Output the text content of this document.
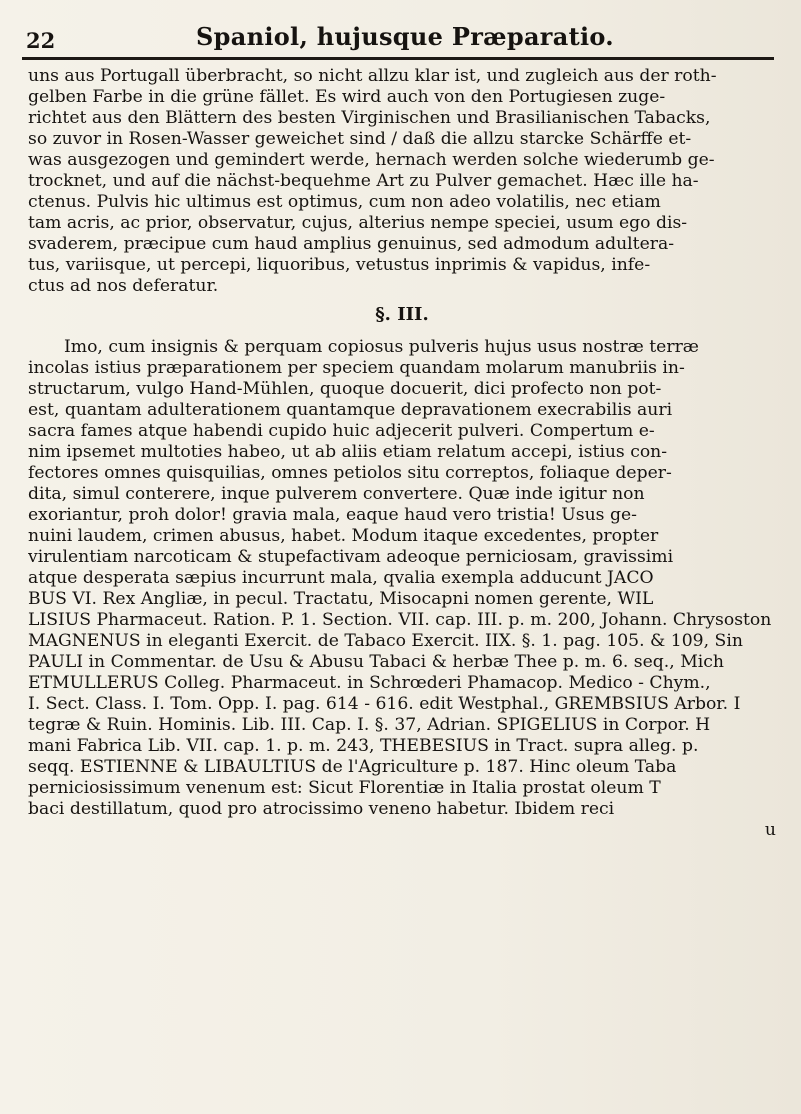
22	Spaniol, hujusque Præparatio.
uns aus Portugall überbracht, so nicht allzu klar ist, und zugleich aus der roth-
gelben Farbe in die grüne fället. Es wird auch von den Portugiesen zuge-
richtet aus den Blättern des besten Virginischen und Brasilianischen Tabacks,
so zuvor in Rosen-Wasser geweichet sind / daß die allzu starcke Schärffe et-
was ausgezogen und gemindert werde, hernach werden solche wiederumb ge-
trocknet, und auf die nächst-bequehme Art zu Pulver gemachet. Hæc ille ha-
ctenus. Pulvis hic ultimus est optimus, cum non adeo volatilis, nec etiam
tam acris, ac prior, observatur, cujus, alterius nempe speciei, usum ego dis-
svaderem, præcipue cum haud amplius genuinus, sed admodum adultera-
tus, variisque, ut percepi, liquoribus, vetustus inprimis & vapidus, infe-
ctus ad nos deferatur.
§. III.
Imo, cum insignis & perquam copiosus pulveris hujus usus nostræ terræ
incolas istius præparationem per speciem quandam molarum manubriis in-
structarum, vulgo Hand-Mühlen, quoque docuerit, dici profecto non pot-
est, quantam adulterationem quantamque depravationem execrabilis auri
sacra fames atque habendi cupido huic adjecerit pulveri. Compertum e-
nim ipsemet multoties habeo, ut ab aliis etiam relatum accepi, istius con-
fectores omnes quisquilias, omnes petiolos situ correptos, foliaque deper-
dita, simul conterere, inque pulverem convertere. Quæ inde igitur non
exoriantur, proh dolor! gravia mala, eaque haud vero tristia! Usus ge-
nuini laudem, crimen abusus, habet. Modum itaque excedentes, propter
virulentiam narcoticam & stupefactivam adeoque perniciosam, gravissimi
atque desperata sæpius incurrunt mala, qvalia exempla adducunt JACO
BUS VI. Rex Angliæ, in pecul. Tractatu, Misocapni nomen gerente, WIL
LISIUS Pharmaceut. Ration. P. 1. Section. VII. cap. III. p. m. 200, Johann. Chrysoston
MAGNENUS in eleganti Exercit. de Tabaco Exercit. IIX. §. 1. pag. 105. & 109, Sin
PAULI in Commentar. de Usu & Abusu Tabaci & herbæ Thee p. m. 6. seq., Mich
ETMULLERUS Colleg. Pharmaceut. in Schrœderi Phamacop. Medico - Chym.,
I. Sect. Class. I. Tom. Opp. I. pag. 614 - 616. edit Westphal., GREMBSIUS Arbor. I
tegræ & Ruin. Hominis. Lib. III. Cap. I. §. 37, Adrian. SPIGELIUS in Corpor. H
mani Fabrica Lib. VII. cap. 1. p. m. 243, THEBESIUS in Tract. supra alleg. p.
seqq. ESTIENNE & LIBAULTIUS de l'Agriculture p. 187. Hinc oleum Taba
perniciosissimum venenum est: Sicut Florentiæ in Italia prostat oleum T
baci destillatum, quod pro atrocissimo veneno habetur. Ibidem reci
u
